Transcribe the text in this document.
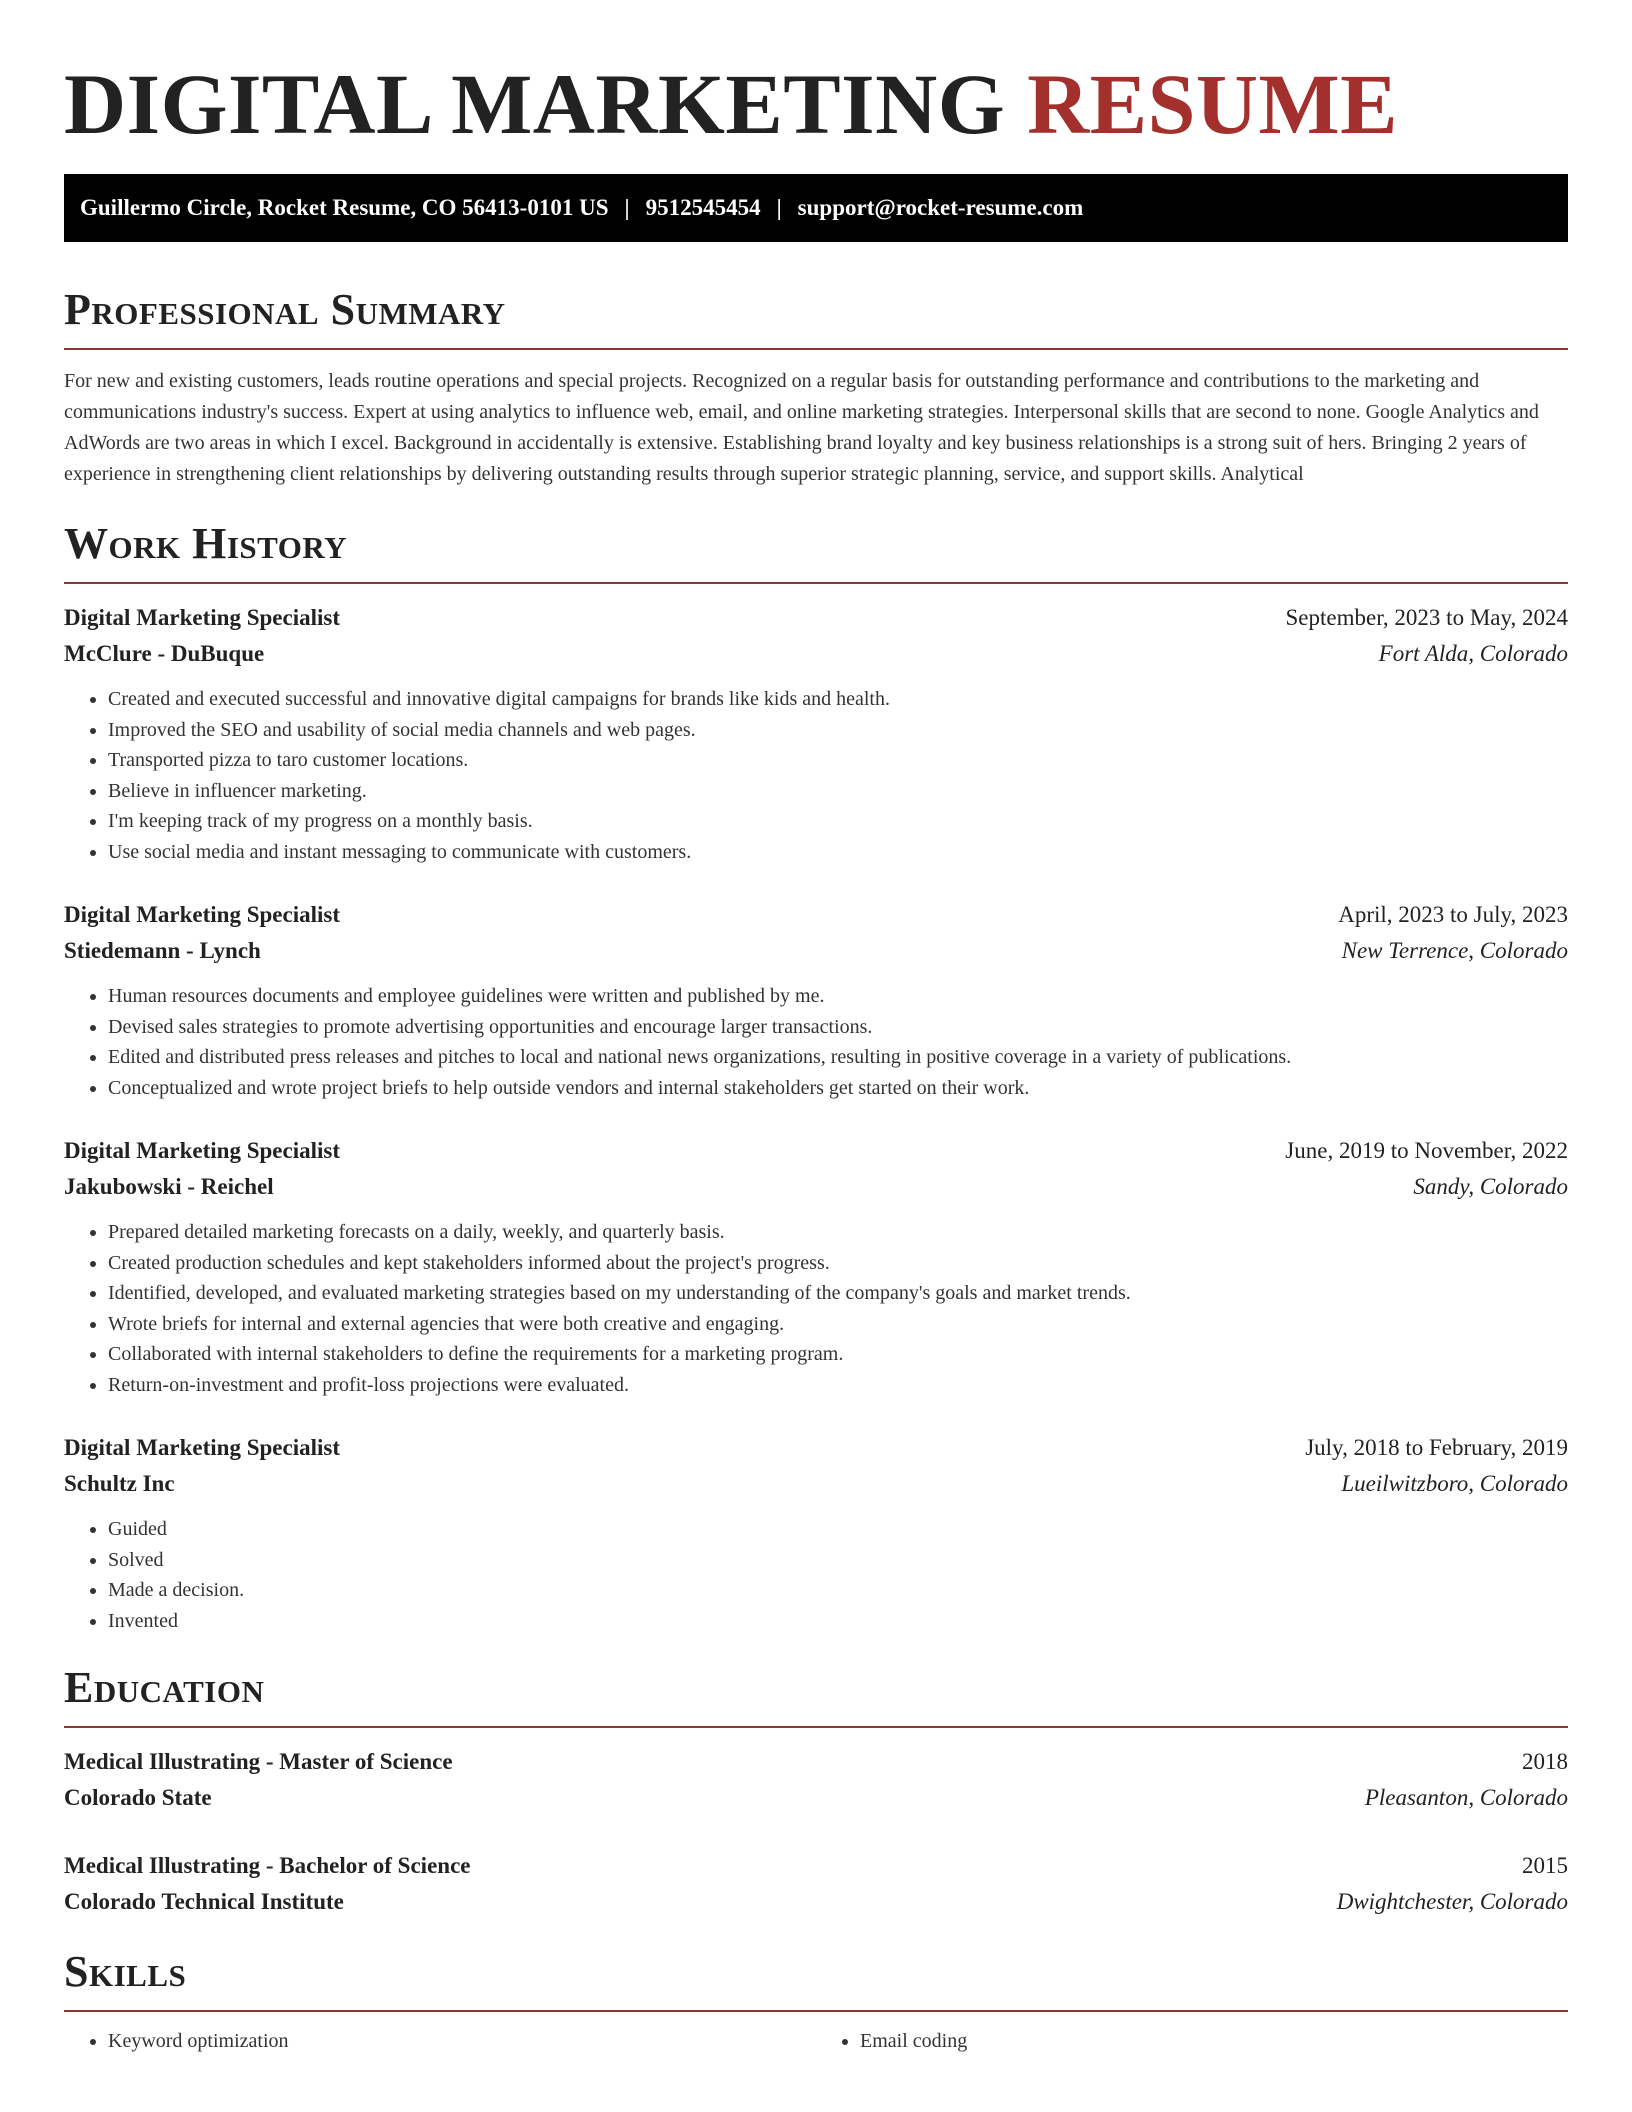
DIGITAL MARKETING RESUME
Guillermo Circle, Rocket Resume, CO 56413-0101 US | 9512545454 | support@rocket-resume.com
Professional Summary

For new and existing customers, leads routine operations and special projects. Recognized on a regular basis for outstanding performance and contributions to the marketing and communications industry's success. Expert at using analytics to influence web, email, and online marketing strategies. Interpersonal skills that are second to none. Google Analytics and AdWords are two areas in which I excel. Background in accidentally is extensive. Establishing brand loyalty and key business relationships is a strong suit of hers. Bringing 2 years of experience in strengthening client relationships by delivering outstanding results through superior strategic planning, service, and support skills. Analytical

Work History
Digital Marketing Specialist	September, 2023 to May, 2024
McClure - DuBuque	Fort Alda, Colorado
• Created and executed successful and innovative digital campaigns for brands like kids and health.
• Improved the SEO and usability of social media channels and web pages.
• Transported pizza to taro customer locations.
• Believe in influencer marketing.
• I'm keeping track of my progress on a monthly basis.
• Use social media and instant messaging to communicate with customers.
Digital Marketing Specialist	April, 2023 to July, 2023
Stiedemann - Lynch	New Terrence, Colorado
• Human resources documents and employee guidelines were written and published by me.
• Devised sales strategies to promote advertising opportunities and encourage larger transactions.
• Edited and distributed press releases and pitches to local and national news organizations, resulting in positive coverage in a variety of publications.
• Conceptualized and wrote project briefs to help outside vendors and internal stakeholders get started on their work.
Digital Marketing Specialist	June, 2019 to November, 2022
Jakubowski - Reichel	Sandy, Colorado
• Prepared detailed marketing forecasts on a daily, weekly, and quarterly basis.
• Created production schedules and kept stakeholders informed about the project's progress.
• Identified, developed, and evaluated marketing strategies based on my understanding of the company's goals and market trends.
• Wrote briefs for internal and external agencies that were both creative and engaging.
• Collaborated with internal stakeholders to define the requirements for a marketing program.
• Return-on-investment and profit-loss projections were evaluated.
Digital Marketing Specialist	July, 2018 to February, 2019
Schultz Inc	Lueilwitzboro, Colorado
• Guided
• Solved
• Made a decision.
• Invented
Education
Medical Illustrating - Master of Science	2018
Colorado State	Pleasanton, Colorado
Medical Illustrating - Bachelor of Science	2015
Colorado Technical Institute	Dwightchester, Colorado
Skills
• Keyword optimization
•	Email coding
